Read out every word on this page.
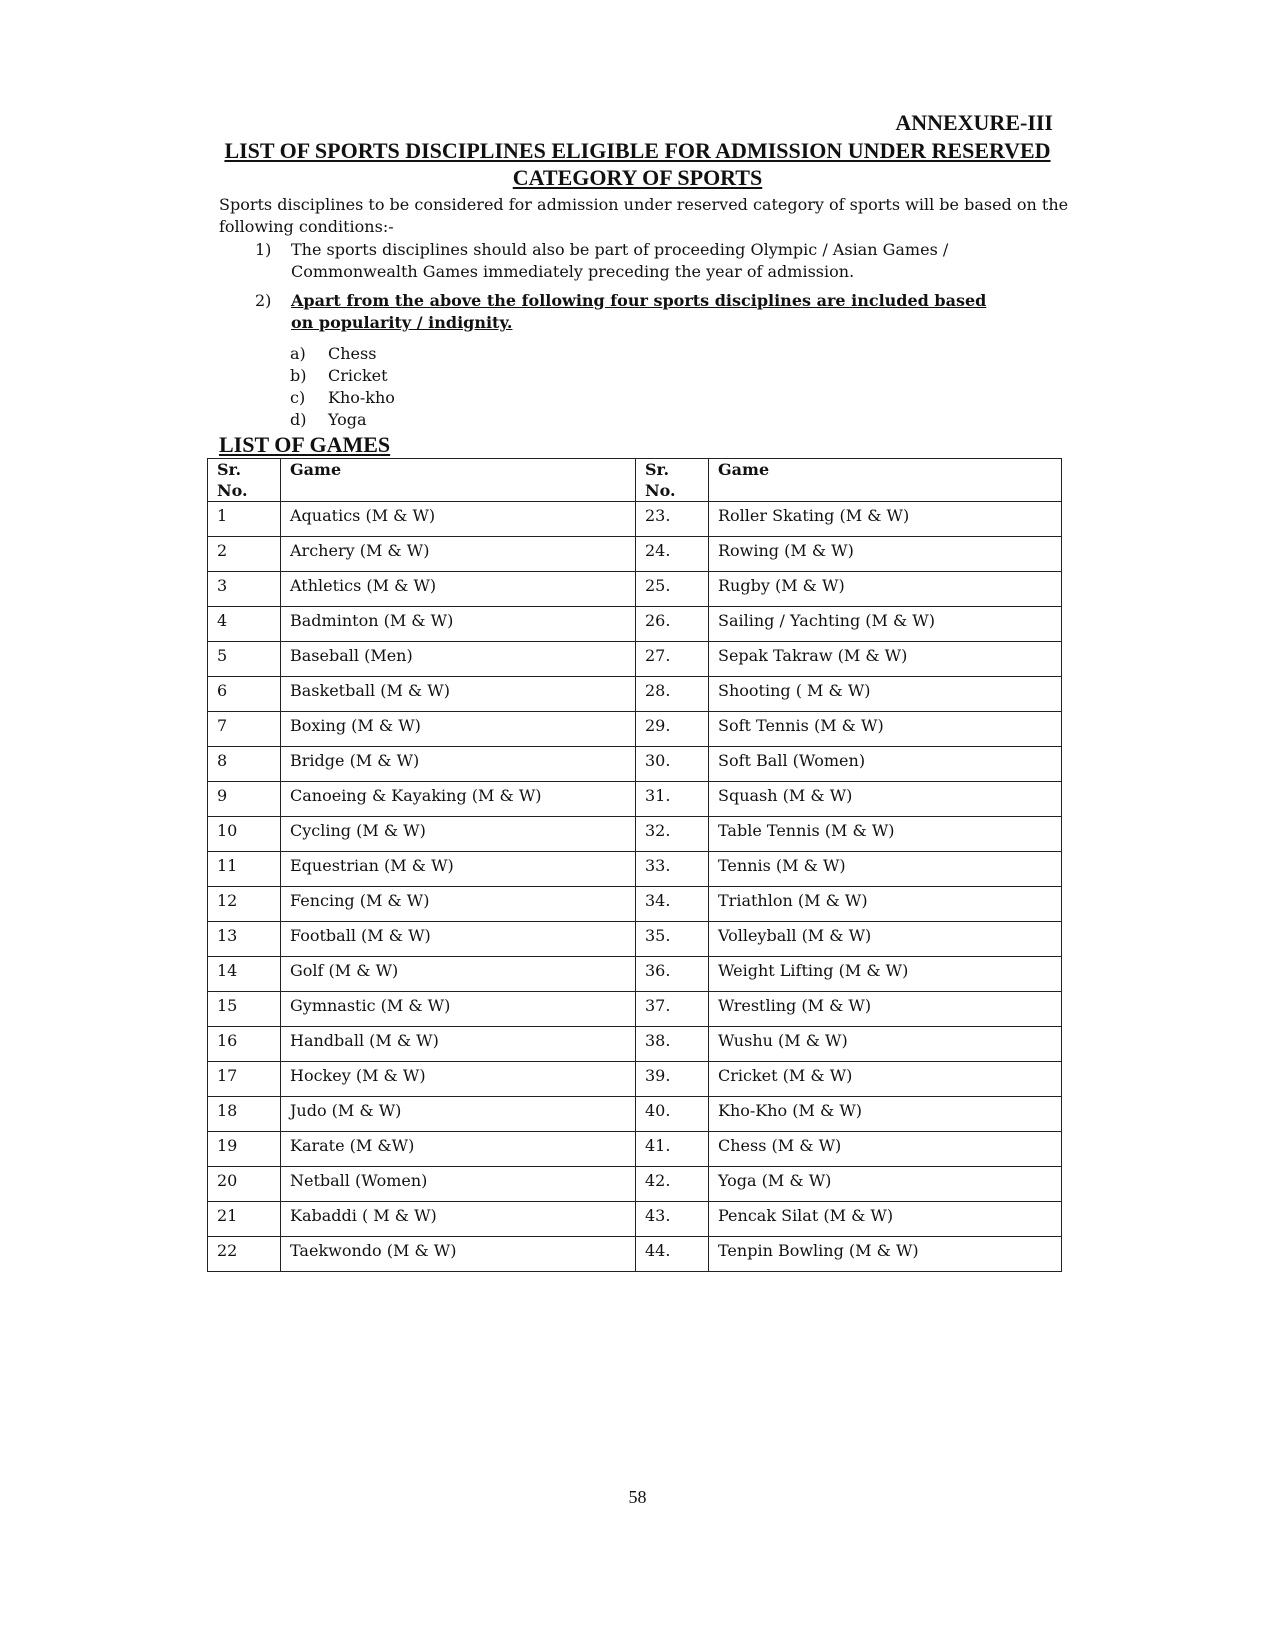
ANNEXURE-III
LIST OF SPORTS DISCIPLINES ELIGIBLE FOR ADMISSION UNDER RESERVED
CATEGORY OF SPORTS

Sports disciplines to be considered for admission under reserved category of sports will be based on the following conditions:-

1) The sports disciplines should also be part of proceeding Olympic / Asian Games / Commonwealth Games immediately preceding the year of admission.
2) Apart from the above the following four sports disciplines are included based on popularity / indignity.
a)	Chess
b)	Cricket
c)	Kho-kho
d)	Yoga
LIST OF GAMES
Sr. No.	Game	Sr. No.	Game
1	Aquatics (M & W)	23.	Roller Skating (M & W)
2	Archery (M & W)	24.	Rowing (M & W)
3	Athletics (M & W)	25.	Rugby (M & W)
4	Badminton (M & W)	26.	Sailing / Yachting (M & W)
5	Baseball (Men)	27.	Sepak Takraw (M & W)
6	Basketball (M & W)	28.	Shooting ( M & W)
7	Boxing (M & W)	29.	Soft Tennis (M & W)
8	Bridge (M & W)	30.	Soft Ball (Women)
9	Canoeing & Kayaking (M & W)	31.	Squash (M & W)
10	Cycling (M & W)	32.	Table Tennis (M & W)
11	Equestrian (M & W)	33.	Tennis (M & W)
12	Fencing (M & W)	34.	Triathlon (M & W)
13	Football (M & W)	35.	Volleyball (M & W)
14	Golf (M & W)	36.	Weight Lifting (M & W)
15	Gymnastic (M & W)	37.	Wrestling (M & W)
16	Handball (M & W)	38.	Wushu (M & W)
17	Hockey (M & W)	39.	Cricket (M & W)
18	Judo (M & W)	40.	Kho-Kho (M & W)
19	Karate (M &W)	41.	Chess (M & W)
20	Netball (Women)	42.	Yoga (M & W)
21	Kabaddi ( M & W)	43.	Pencak Silat (M & W)
22	Taekwondo (M & W)	44.	Tenpin Bowling (M & W)
58
